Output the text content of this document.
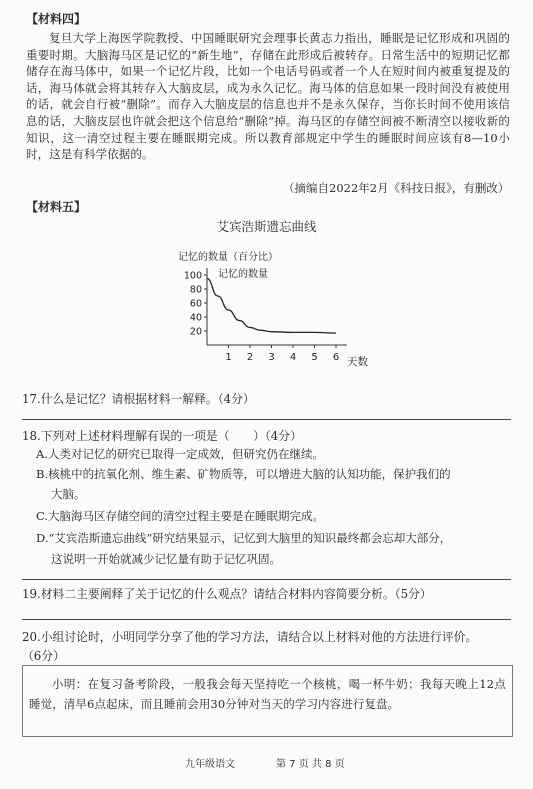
【材料四】
复旦大学上海医学院教授、中国睡眠研究会理事长黄志力指出，睡眠是记忆形成和巩固的重要时期。大脑海马区是记忆的“新生地”，存储在此形成后被转存。日常生活中的短期记忆都储存在海马体中，如果一个记忆片段，比如一个电话号码或者一个人在短时间内被重复提及的话，海马体就会将其转存入大脑皮层，成为永久记忆。海马体的信息如果一段时间没有被使用的话，就会自行被“删除”。而存入大脑皮层的信息也并不是永久保存，当你长时间不使用该信息的话，大脑皮层也许就会把这个信息给“删除”掉。海马区的存储空间被不断清空以接收新的知识，这一清空过程主要在睡眠期完成。所以教育部规定中学生的睡眠时间应该有8—10小时，这是有科学依据的。
（摘编自2022年2月《科技日报》，有删改）
【材料五】
艾宾浩斯遗忘曲线
记忆的数量（百分比）
天数
记忆的数量
20
40
60
80
100
1 2 3 4 5 6
17.什么是记忆？请根据材料一解释。（4分）
18.下列对上述材料理解有误的一项是（　　）（4分）
A.人类对记忆的研究已取得一定成效，但研究仍在继续。
B.核桃中的抗氧化剂、维生素、矿物质等，可以增进大脑的认知功能，保护我们的
大脑。
C.大脑海马区存储空间的清空过程主要是在睡眠期完成。
D.“艾宾浩斯遗忘曲线”研究结果显示，记忆到大脑里的知识最终都会忘却大部分，
这说明一开始就减少记忆量有助于记忆巩固。
19.材料二主要阐释了关于记忆的什么观点？请结合材料内容简要分析。（5分）
20.小组讨论时，小明同学分享了他的学习方法，请结合以上材料对他的方法进行评价。
（6分）
小明：在复习备考阶段，一般我会每天坚持吃一个核桃，喝一杯牛奶；我每天晚上12点睡觉，清早6点起床，而且睡前会用30分钟对当天的学习内容进行复盘。
九年级语文	第 7 页 共 8 页
